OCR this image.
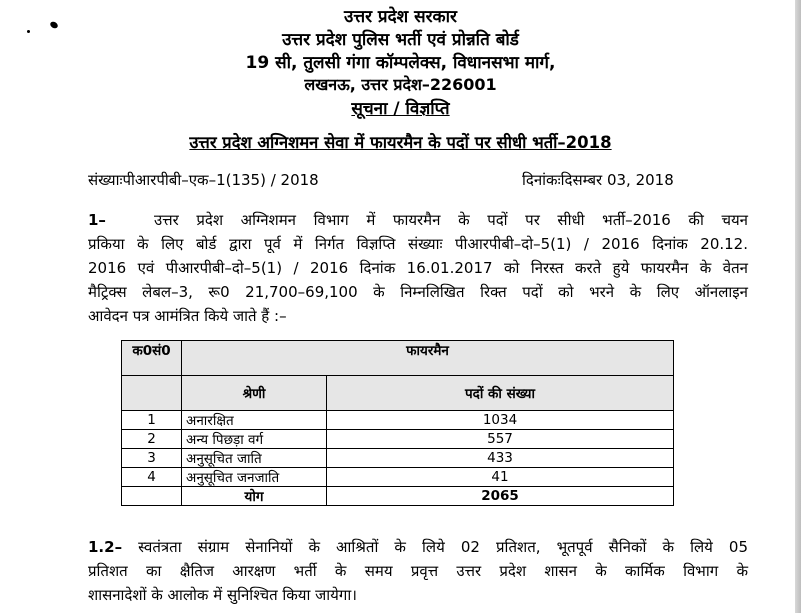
उत्तर प्रदेश सरकार
उत्तर प्रदेश पुलिस भर्ती एवं प्रोन्नति बोर्ड
19 सी, तुलसी गंगा कॉम्पलेक्स, विधानसभा मार्ग,
लखनऊ, उत्तर प्रदेश–226001
सूचना / विज्ञप्ति
उत्तर प्रदेश अग्निशमन सेवा में फायरमैन के पदों पर सीधी भर्ती–2018
संख्याःपीआरपीबी–एक–1(135) / 2018	दिनांकःदिसम्बर 03, 2018
1–	उत्तर प्रदेश अग्निशमन विभाग में फायरमैन के पदों पर सीधी भर्ती–2016 की चयन
प्रकिया के लिए बोर्ड द्वारा पूर्व में निर्गत विज्ञप्ति संख्याः पीआरपीबी–दो–5(1) / 2016 दिनांक 20.12.
2016 एवं पीआरपीबी–दो–5(1) / 2016 दिनांक 16.01.2017 को निरस्त करते हुये फायरमैन के वेतन
मैट्रिक्स लेबल–3, रू0 21,700–69,100 के निम्नलिखित रिक्त पदों को भरने के लिए ऑनलाइन
आवेदन पत्र आमंत्रित किये जाते हैं :–
क0सं0	फायरमैन	
	श्रेणी	पदों की संख्या
1	अनारक्षित	1034
2	अन्य पिछड़ा वर्ग	557
3	अनुसूचित जाति	433
4	अनुसूचित जनजाति	41
	योग	2065
1.2– स्वतंत्रता संग्राम सेनानियों के आश्रितों के लिये 02 प्रतिशत, भूतपूर्व सैनिकों के लिये 05
प्रतिशत का क्षैतिज आरक्षण भर्ती के समय प्रवृत्त उत्तर प्रदेश शासन के कार्मिक विभाग के
शासनादेशों के आलोक में सुनिश्चित किया जायेगा।
